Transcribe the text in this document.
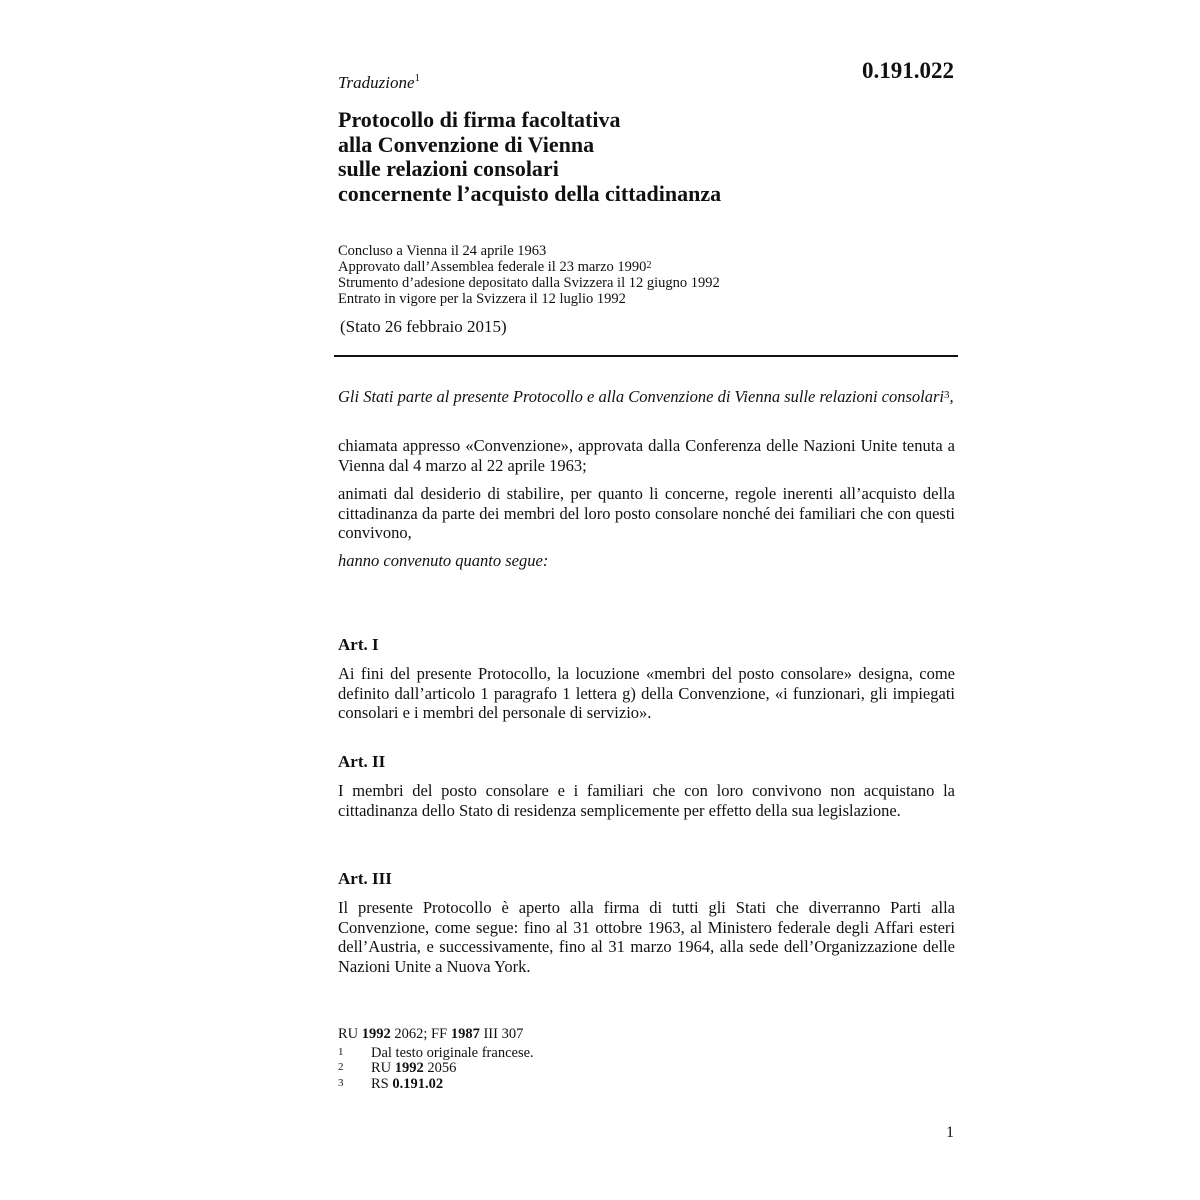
0.191.022
Traduzione$^1$
Protocollo di firma facoltativa
alla Convenzione di Vienna
sulle relazioni consolari
concernente l’acquisto della cittadinanza
Concluso a Vienna il 24 aprile 1963
Approvato dall’Assemblea federale il 23 marzo 1990$^2$
Strumento d’adesione depositato dalla Svizzera il 12 giugno 1992
Entrato in vigore per la Svizzera il 12 luglio 1992
(Stato 26 febbraio 2015)
Gli Stati parte al presente Protocollo e alla Convenzione di Vienna sulle relazioni consolari$^3$,
chiamata appresso «Convenzione», approvata dalla Conferenza delle Nazioni Unite tenuta a Vienna dal 4 marzo al 22 aprile 1963;
animati dal desiderio di stabilire, per quanto li concerne, regole inerenti all’acquisto della cittadinanza da parte dei membri del loro posto consolare nonché dei familiari che con questi convivono,
hanno convenuto quanto segue:
Art. I
Ai fini del presente Protocollo, la locuzione «membri del posto consolare» designa, come definito dall’articolo 1 paragrafo 1 lettera g) della Convenzione, «i funzionari, gli impiegati consolari e i membri del personale di servizio».
Art. II
I membri del posto consolare e i familiari che con loro convivono non acquistano la cittadinanza dello Stato di residenza semplicemente per effetto della sua legislazione.
Art. III
Il presente Protocollo è aperto alla firma di tutti gli Stati che diverranno Parti alla Convenzione, come segue: fino al 31 ottobre 1963, al Ministero federale degli Affari esteri dell’Austria, e successivamente, fino al 31 marzo 1964, alla sede dell’Organizzazione delle Nazioni Unite a Nuova York.
RU 1992 2062; FF 1987 III 307
1	Dal testo originale francese.
2	RU 1992 2056
3	RS 0.191.02
1
